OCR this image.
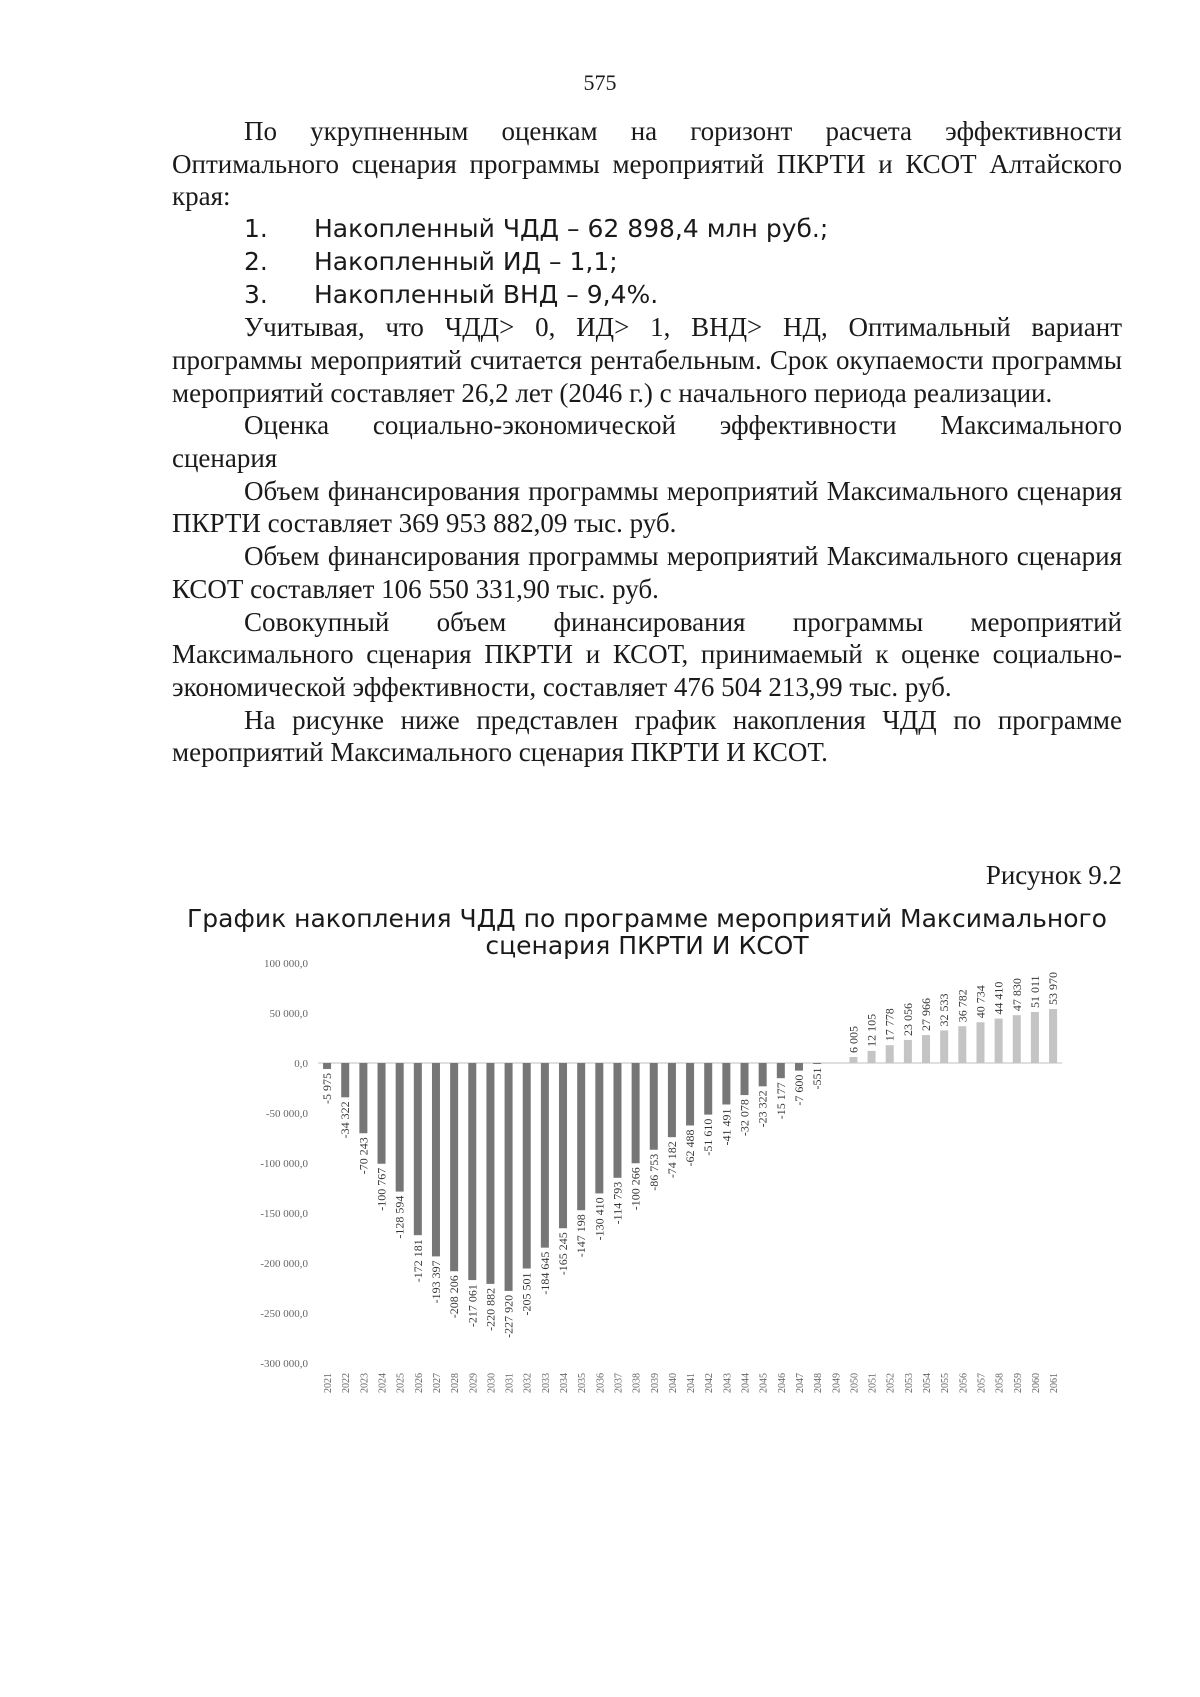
575

По укрупненным оценкам на горизонт расчета эффективности Оптимального сценария программы мероприятий ПКРТИ и КСОТ Алтайского края:

1.	Накопленный ЧДД – 62 898,4 млн руб.;
2.	Накопленный ИД – 1,1;
3.	Накопленный ВНД – 9,4%.

Учитывая, что ЧДД> 0, ИД> 1, ВНД> НД, Оптимальный вариант программы мероприятий считается рентабельным. Срок окупаемости программы мероприятий составляет 26,2 лет (2046 г.) с начального периода реализации.

Оценка социально-экономической эффективности Максимального сценария

Объем финансирования программы мероприятий Максимального сценария ПКРТИ составляет 369 953 882,09 тыс. руб.

Объем финансирования программы мероприятий Максимального сценария КСОТ составляет 106 550 331,90 тыс. руб.

Совокупный объем финансирования программы мероприятий Максимального сценария ПКРТИ и КСОТ, принимаемый к оценке социально-экономической эффективности, составляет 476 504 213,99 тыс. руб.

На рисунке ниже представлен график накопления ЧДД по программе мероприятий Максимального сценария ПКРТИ И КСОТ.

Рисунок 9.2
График накопления ЧДД по программе мероприятий Максимального сценария ПКРТИ И КСОТ
100 000,0
50 000,0
0,0
-50 000,0
-100 000,0
-150 000,0
-200 000,0
-250 000,0
-300 000,0
-5 975
2021
-34 322
2022
-70 243
2023
-100 767
2024
-128 594
2025
-172 181
2026
-193 397
2027
-208 206
2028
-217 061
2029
-220 882
2030
-227 920
2031
-205 501
2032
-184 645
2033
-165 245
2034
-147 198
2035
-130 410
2036
-114 793
2037
-100 266
2038
-86 753
2039
-74 182
2040
-62 488
2041
-51 610
2042
-41 491
2043
-32 078
2044
-23 322
2045
-15 177
2046
-7 600
2047
-551
2048 2049
6 005
2050
12 105
2051
17 778
2052
23 056
2053
27 966
2054
32 533
2055
36 782
2056
40 734
2057
44 410
2058
47 830
2059
51 011
2060
53 970
2061
